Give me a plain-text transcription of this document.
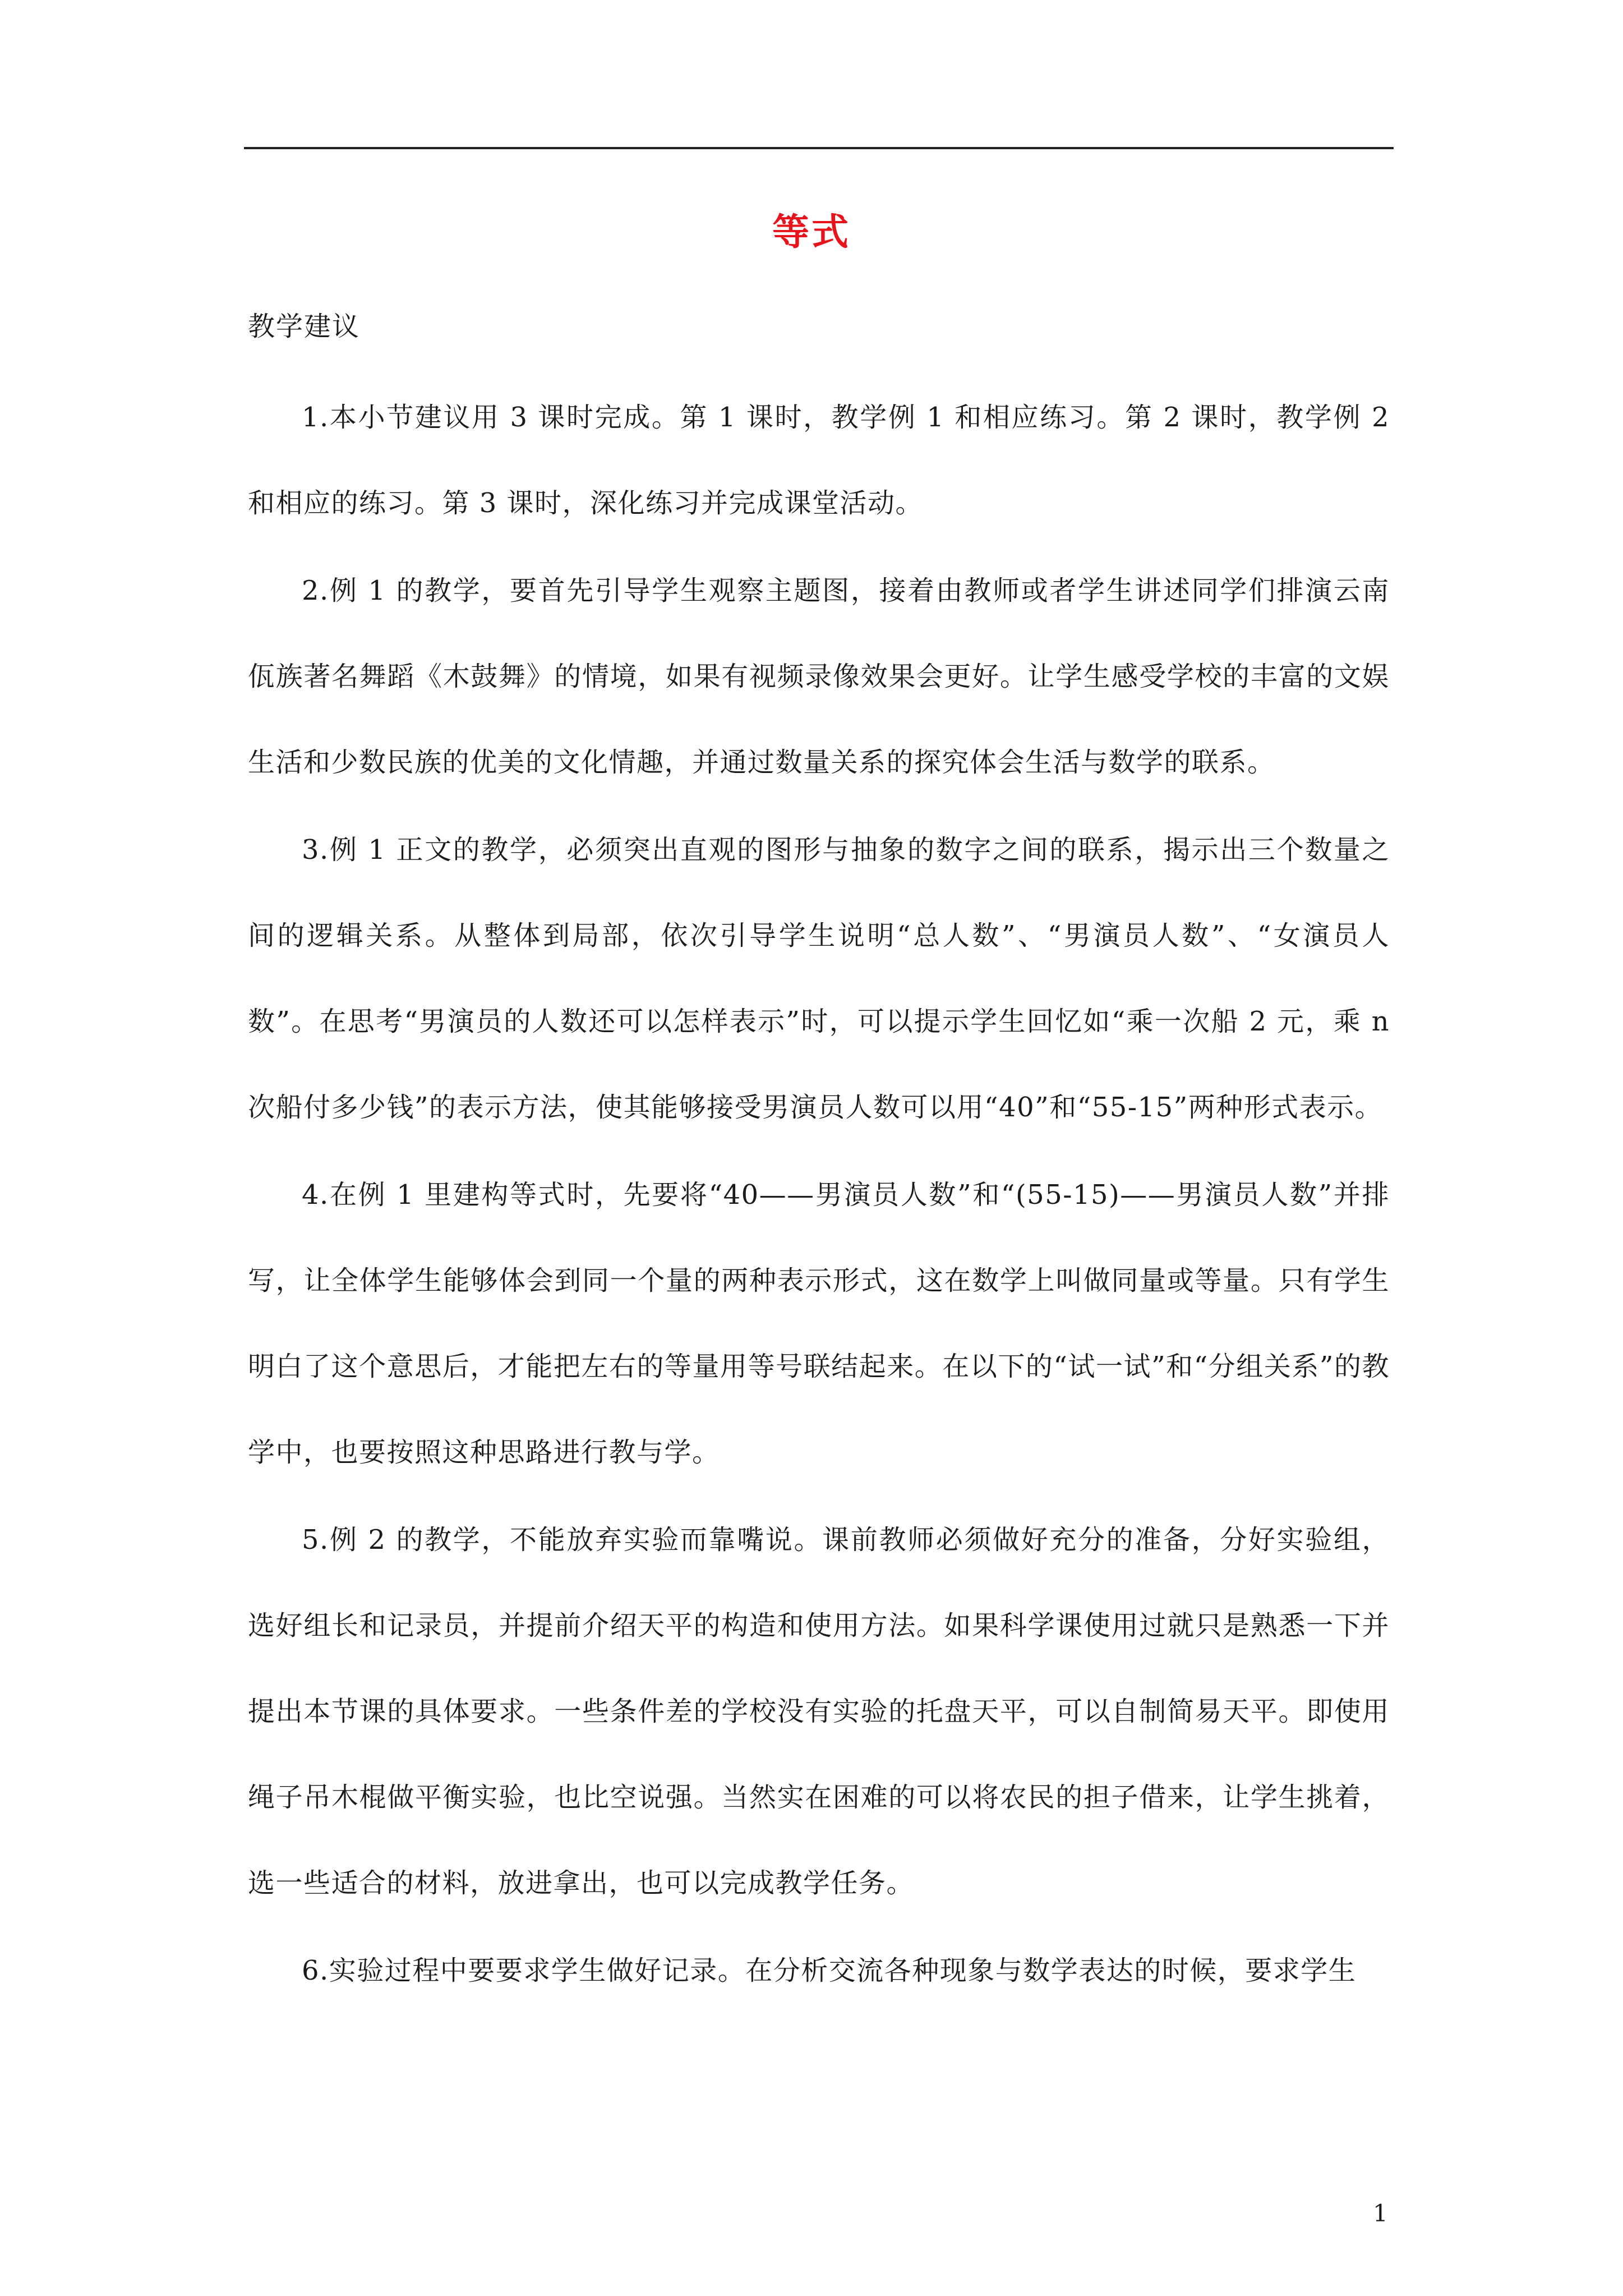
等式
教学建议

1.本小节建议用 3 课时完成。第 1 课时，教学例 1 和相应练习。第 2 课时，教学例 2 和相应的练习。第 3 课时，深化练习并完成课堂活动。

2.例 1 的教学，要首先引导学生观察主题图，接着由教师或者学生讲述同学们排演云南佤族著名舞蹈《木鼓舞》的情境，如果有视频录像效果会更好。让学生感受学校的丰富的文娱生活和少数民族的优美的文化情趣，并通过数量关系的探究体会生活与数学的联系。

3.例 1 正文的教学，必须突出直观的图形与抽象的数字之间的联系，揭示出三个数量之间的逻辑关系。从整体到局部，依次引导学生说明“总人数”、“男演员人数”、“女演员人数”。在思考“男演员的人数还可以怎样表示”时，可以提示学生回忆如“乘一次船 2 元，乘 n 次船付多少钱”的表示方法，使其能够接受男演员人数可以用“40”和“55-15”两种形式表示。

4.在例 1 里建构等式时，先要将“40——男演员人数”和“(55-15)——男演员人数”并排写，让全体学生能够体会到同一个量的两种表示形式，这在数学上叫做同量或等量。只有学生明白了这个意思后，才能把左右的等量用等号联结起来。在以下的“试一试”和“分组关系”的教学中，也要按照这种思路进行教与学。

5.例 2 的教学，不能放弃实验而靠嘴说。课前教师必须做好充分的准备，分好实验组，选好组长和记录员，并提前介绍天平的构造和使用方法。如果科学课使用过就只是熟悉一下并提出本节课的具体要求。一些条件差的学校没有实验的托盘天平，可以自制简易天平。即使用绳子吊木棍做平衡实验，也比空说强。当然实在困难的可以将农民的担子借来，让学生挑着，选一些适合的材料，放进拿出，也可以完成教学任务。

6.实验过程中要要求学生做好记录。在分析交流各种现象与数学表达的时候，要求学生

1
